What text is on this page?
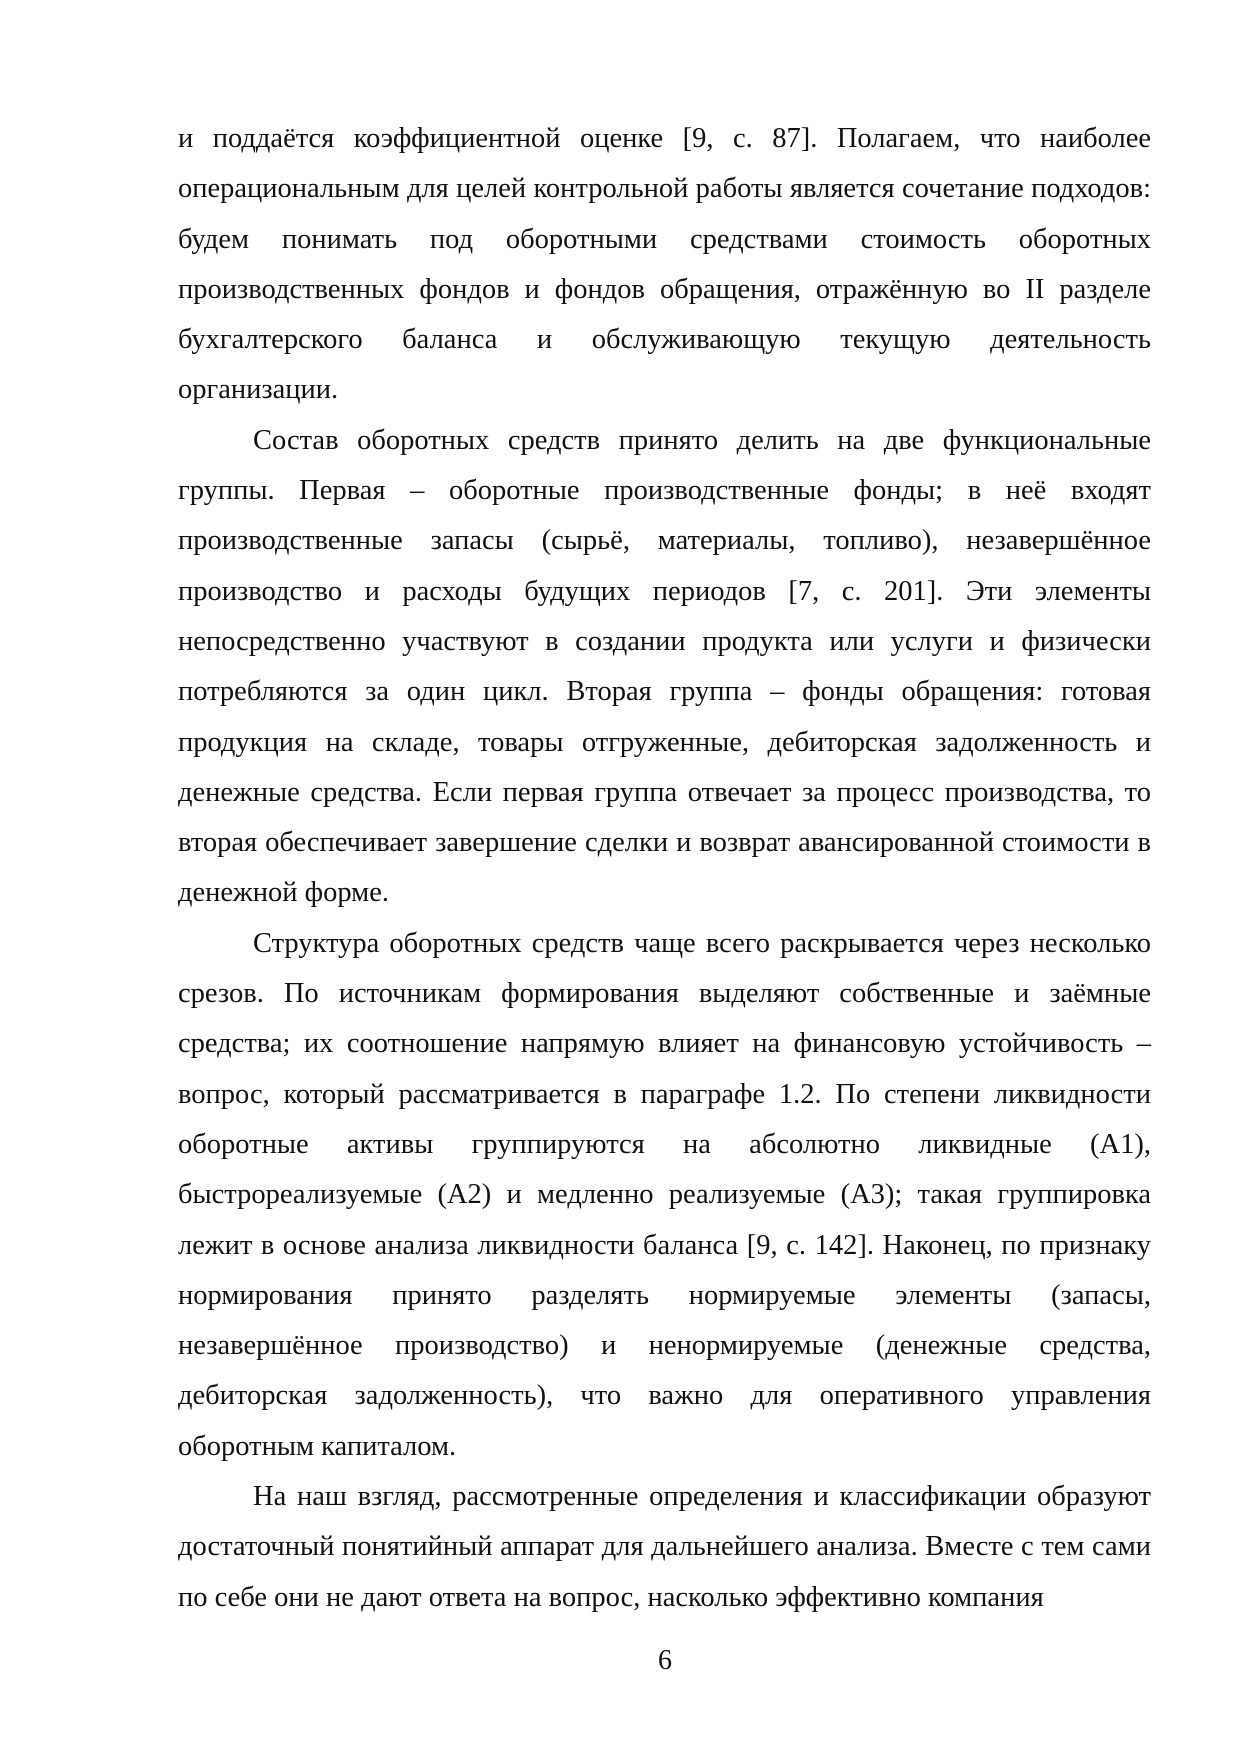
и поддаётся коэффициентной оценке [9, с. 87]. Полагаем, что наиболее операциональным для целей контрольной работы является сочетание подходов: будем понимать под оборотными средствами стоимость оборотных производственных фондов и фондов обращения, отражённую во II разделе бухгалтерского баланса и обслуживающую текущую деятельность организации.

Состав оборотных средств принято делить на две функциональные группы. Первая – оборотные производственные фонды; в неё входят производственные запасы (сырьё, материалы, топливо), незавершённое производство и расходы будущих периодов [7, с. 201]. Эти элементы непосредственно участвуют в создании продукта или услуги и физически потребляются за один цикл. Вторая группа – фонды обращения: готовая продукция на складе, товары отгруженные, дебиторская задолженность и денежные средства. Если первая группа отвечает за процесс производства, то вторая обеспечивает завершение сделки и возврат авансированной стоимости в денежной форме.

Структура оборотных средств чаще всего раскрывается через несколько срезов. По источникам формирования выделяют собственные и заёмные средства; их соотношение напрямую влияет на финансовую устойчивость – вопрос, который рассматривается в параграфе 1.2. По степени ликвидности оборотные активы группируются на абсолютно ликвидные (А1), быстрореализуемые (А2) и медленно реализуемые (А3); такая группировка лежит в основе анализа ликвидности баланса [9, с. 142]. Наконец, по признаку нормирования принято разделять нормируемые элементы (запасы, незавершённое производство) и ненормируемые (денежные средства, дебиторская задолженность), что важно для оперативного управления оборотным капиталом.

На наш взгляд, рассмотренные определения и классификации образуют достаточный понятийный аппарат для дальнейшего анализа. Вместе с тем сами по себе они не дают ответа на вопрос, насколько эффективно компания

6
